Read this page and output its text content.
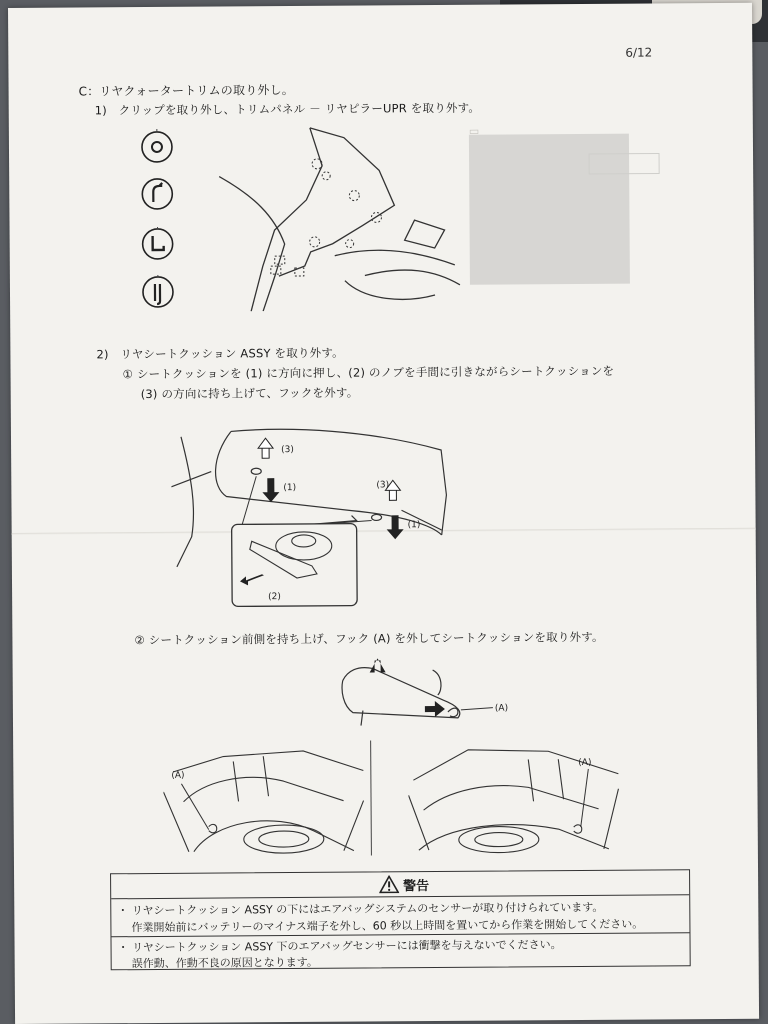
6/12
C：リヤクォータートリムの取り外し。
1)　クリップを取り外し、トリムパネル － リヤピラーUPR を取り外す。
▭
2)　リヤシートクッション ASSY を取り外す。
① シートクッションを (1) に方向に押し、(2) のノブを手間に引きながらシートクッションを
(3) の方向に持ち上げて、フックを外す。
(3)
(1)	(3)
(1)
(2)
② シートクッション前側を持ち上げ、フック (A) を外してシートクッションを取り外す。
(A)
(A)
(A)
警告
・ リヤシートクッション ASSY の下にはエアバッグシステムのセンサーが取り付けられています。
作業開始前にバッテリーのマイナス端子を外し、60 秒以上時間を置いてから作業を開始してください。
・ リヤシートクッション ASSY 下のエアバッグセンサーには衝撃を与えないでください。
誤作動、作動不良の原因となります。
